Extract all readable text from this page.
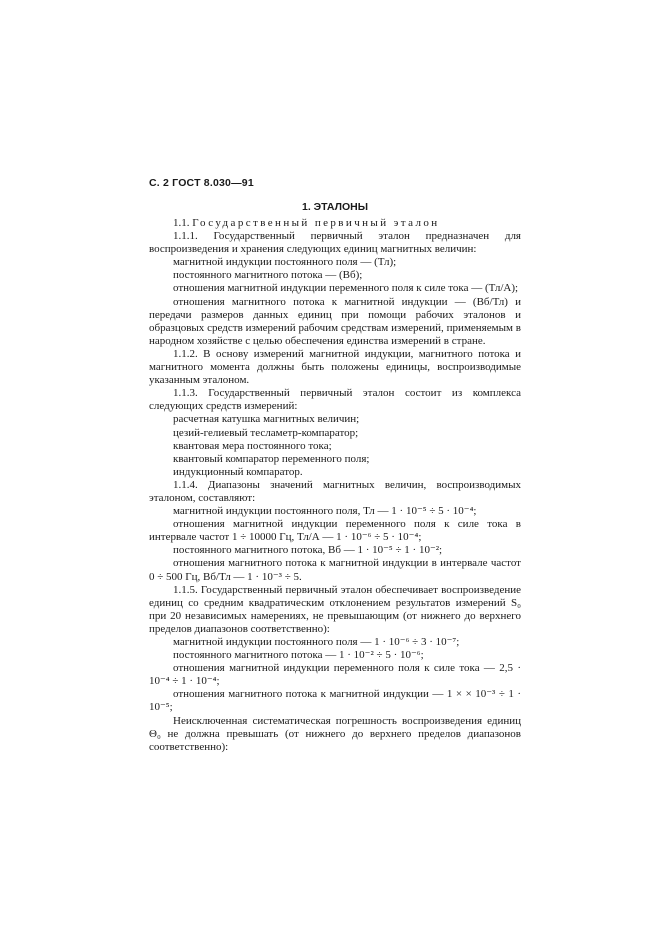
С. 2 ГОСТ 8.030—91
1. ЭТАЛОНЫ

1.1. Государственный первичный эталон

1.1.1. Государственный первичный эталон предназначен для воспроизведения и хранения следующих единиц магнитных величин:

магнитной индукции постоянного поля — (Тл);

постоянного магнитного потока — (Вб);

отношения магнитной индукции переменного поля к силе тока — (Тл/А);

отношения магнитного потока к магнитной индукции — (Вб/Тл) и передачи размеров данных единиц при помощи рабочих эталонов и образцовых средств измерений рабочим средствам измерений, применяемым в народном хозяйстве с целью обеспечения единства измерений в стране.

1.1.2. В основу измерений магнитной индукции, магнитного потока и магнитного момента должны быть положены единицы, воспроизводимые указанным эталоном.

1.1.3. Государственный первичный эталон состоит из комплекса следующих средств измерений:

расчетная катушка магнитных величин;

цезий-гелиевый тесламетр-компаратор;

квантовая мера постоянного тока;

квантовый компаратор переменного поля;

индукционный компаратор.

1.1.4. Диапазоны значений магнитных величин, воспроизводимых эталоном, составляют:

магнитной индукции постоянного поля, Тл — 1 · 10⁻⁵ ÷ 5 · 10⁻⁴;

отношения магнитной индукции переменного поля к силе тока в интервале частот 1 ÷ 10000 Гц, Тл/А — 1 · 10⁻⁶ ÷ 5 · 10⁻⁴;

постоянного магнитного потока, Вб — 1 · 10⁻⁵ ÷ 1 · 10⁻²;

отношения магнитного потока к магнитной индукции в интервале частот 0 ÷ 500 Гц, Вб/Тл — 1 · 10⁻³ ÷ 5.

1.1.5. Государственный первичный эталон обеспечивает воспроизведение единиц со средним квадратическим отклонением результатов измерений S₀ при 20 независимых намерениях, не превышающим (от нижнего до верхнего пределов диапазонов соответственно):

магнитной индукции постоянного поля — 1 · 10⁻⁶ ÷ 3 · 10⁻⁷;

постоянного магнитного потока — 1 · 10⁻² ÷ 5 · 10⁻⁶;

отношения магнитной индукции переменного поля к силе тока — 2,5 · 10⁻⁴ ÷ 1 · 10⁻⁴;

отношения магнитного потока к магнитной индукции — 1 × × 10⁻³ ÷ 1 · 10⁻⁵;

Неисключенная систематическая погрешность воспроизведения единиц Θ₀ не должна превышать (от нижнего до верхнего пределов диапазонов соответственно):
